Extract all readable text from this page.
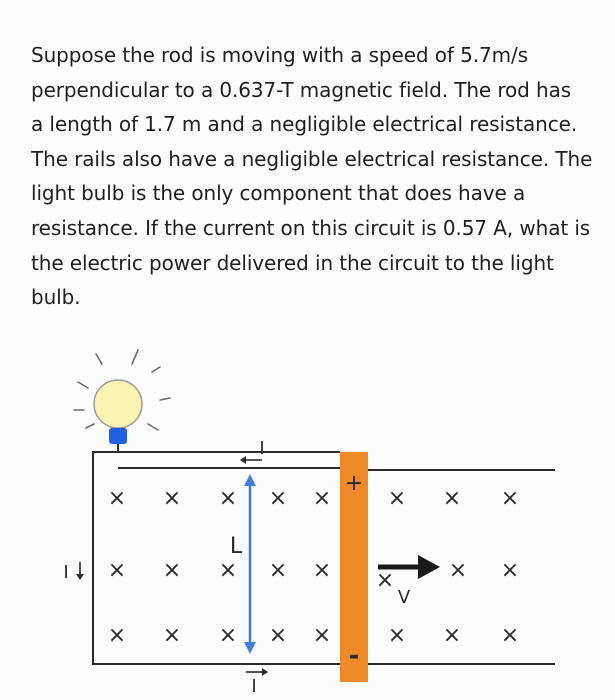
Suppose the rod is moving with a speed of 5.7m/s
perpendicular to a 0.637-T magnetic field. The rod has
a length of 1.7 m and a negligible electrical resistance.
The rails also have a negligible electrical resistance. The
light bulb is the only component that does have a
resistance. If the current on this circuit is 0.57 A, what is
the electric power delivered in the circuit to the light
bulb.

× × × × ×	× × ×
× × × × × × × ×
× × × × ×	× × ×
L
I
I
I
+
-
V
